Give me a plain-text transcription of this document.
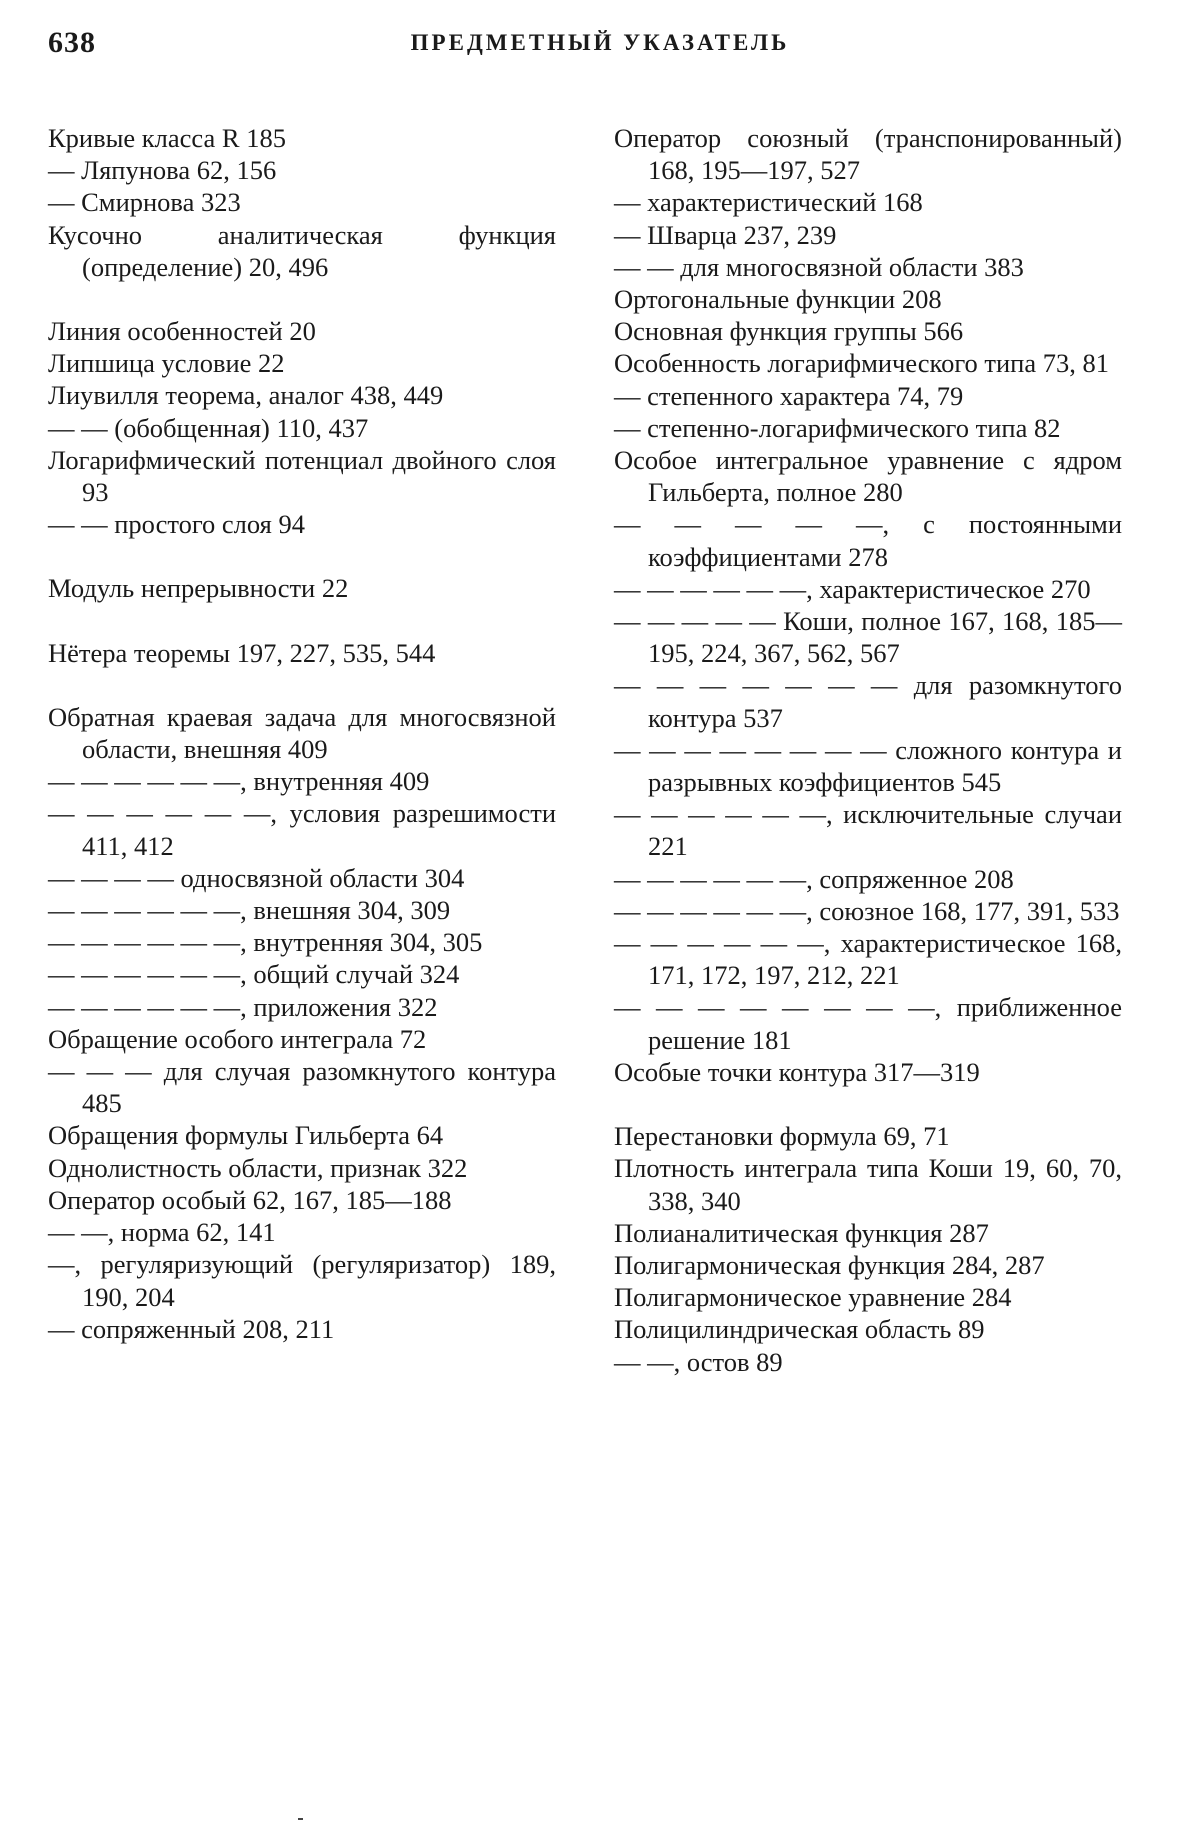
638	ПРЕДМЕТНЫЙ УКАЗАТЕЛЬ

Кривые класса R 185

— Ляпунова 62, 156

— Смирнова 323

Кусочно аналитическая функция (определение) 20, 496

Линия особенностей 20

Липшица условие 22

Лиувилля теорема, аналог 438, 449

— — (обобщенная) 110, 437

Логарифмический потенциал двойного слоя 93

— — простого слоя 94

Модуль непрерывности 22

Нётера теоремы 197, 227, 535, 544

Обратная краевая задача для многосвязной области, внешняя 409

— — — — — —, внутренняя 409

— — — — — —, условия разрешимости 411, 412

— — — — односвязной области 304

— — — — — —, внешняя 304, 309

— — — — — —, внутренняя 304, 305

— — — — — —, общий случай 324

— — — — — —, приложения 322

Обращение особого интеграла 72

— — — для случая разомкнутого контура 485

Обращения формулы Гильберта 64

Однолистность области, признак 322

Оператор особый 62, 167, 185—188

— —, норма 62, 141

—, регуляризующий (регуляризатор) 189, 190, 204

— сопряженный 208, 211

Оператор союзный (транспонированный) 168, 195—197, 527

— характеристический 168

— Шварца 237, 239

— — для многосвязной области 383

Ортогональные функции 208

Основная функция группы 566

Особенность логарифмического типа 73, 81

— степенного характера 74, 79

— степенно-логарифмического типа 82

Особое интегральное уравнение с ядром Гильберта, полное 280

— — — — —, с постоянными коэффициентами 278

— — — — — —, характеристическое 270

— — — — — Коши, полное 167, 168, 185—195, 224, 367, 562, 567

— — — — — — — для разомкнутого контура 537

— — — — — — — — сложного контура и разрывных коэффициентов 545

— — — — — —, исключительные случаи 221

— — — — — —, сопряженное 208

— — — — — —, союзное 168, 177, 391, 533

— — — — — —, характеристическое 168, 171, 172, 197, 212, 221

— — — — — — — —, приближенное решение 181

Особые точки контура 317—319

Перестановки формула 69, 71

Плотность интеграла типа Коши 19, 60, 70, 338, 340

Полианалитическая функция 287

Полигармоническая функция 284, 287

Полигармоническое уравнение 284

Полицилиндрическая область 89

— —, остов 89
